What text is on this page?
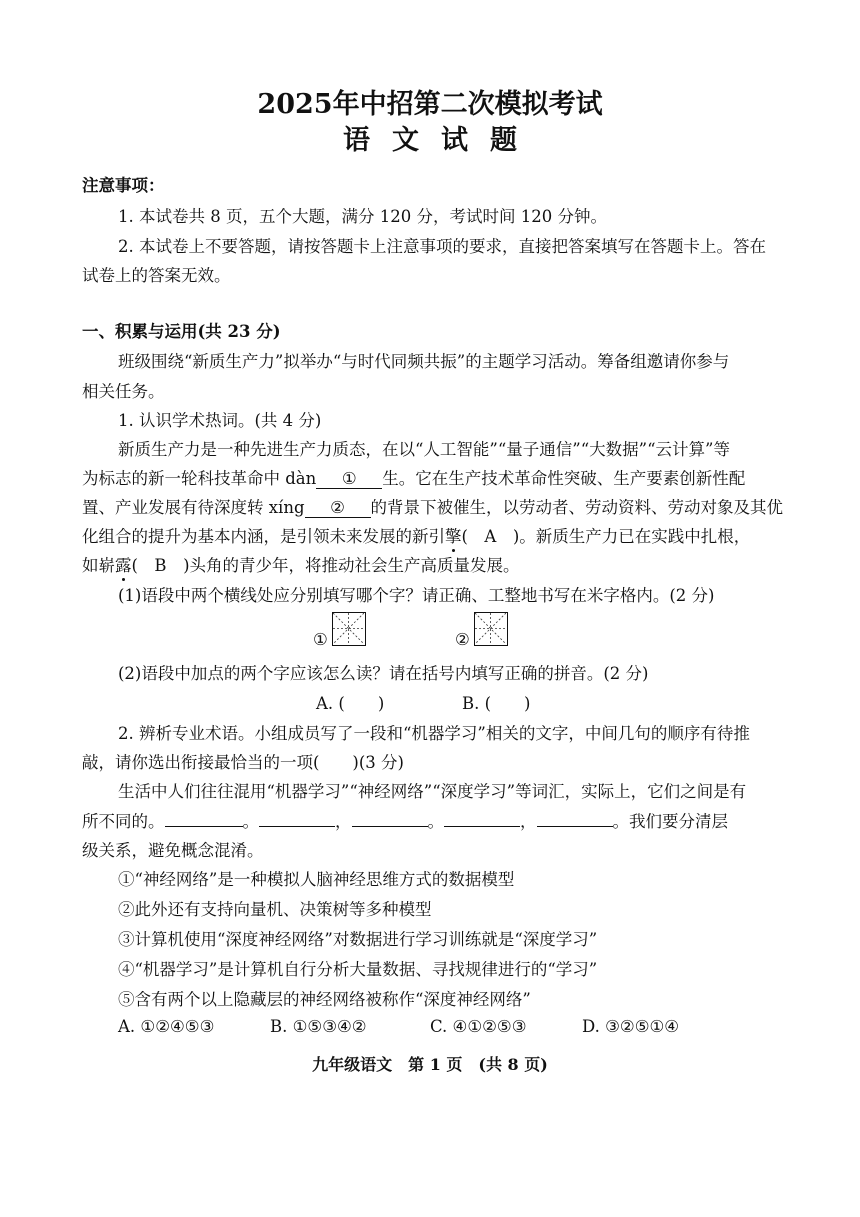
2025年中招第二次模拟考试
语文试题
注意事项：
1. 本试卷共 8 页，五个大题，满分 120 分，考试时间 120 分钟。
2. 本试卷上不要答题，请按答题卡上注意事项的要求，直接把答案填写在答题卡上。答在
试卷上的答案无效。
一、积累与运用(共 23 分)
班级围绕“新质生产力”拟举办“与时代同频共振”的主题学习活动。筹备组邀请你参与
相关任务。
1. 认识学术热词。(共 4 分)
新质生产力是一种先进生产力质态，在以“人工智能”“量子通信”“大数据”“云计算”等
为标志的新一轮科技革命中 dàn ① 生。它在生产技术革命性突破、生产要素创新性配
置、产业发展有待深度转 xíng ② 的背景下被催生，以劳动者、劳动资料、劳动对象及其优
化组合的提升为基本内涵，是引领未来发展的新引擎(　A　)。新质生产力已在实践中扎根，
如崭露(　B　)头角的青少年，将推动社会生产高质量发展。
(1)语段中两个横线处应分别填写哪个字？请正确、工整地书写在米字格内。(2 分)
①	②
(2)语段中加点的两个字应该怎么读？请在括号内填写正确的拼音。(2 分)
A. (　　)	B. (　　)
2. 辨析专业术语。小组成员写了一段和“机器学习”相关的文字，中间几句的顺序有待推
敲，请你选出衔接最恰当的一项(　　)(3 分)
生活中人们往往混用“机器学习”“神经网络”“深度学习”等词汇，实际上，它们之间是有
所不同的。	。	，	。	，	。我们要分清层
级关系，避免概念混淆。
①“神经网络”是一种模拟人脑神经思维方式的数据模型
②此外还有支持向量机、决策树等多种模型
③计算机使用“深度神经网络”对数据进行学习训练就是“深度学习”
④“机器学习”是计算机自行分析大量数据、寻找规律进行的“学习”
⑤含有两个以上隐藏层的神经网络被称作“深度神经网络”
A. ①②④⑤③	B. ①⑤③④②	C. ④①②⑤③	D. ③②⑤①④
九年级语文　第 1 页　(共 8 页)
